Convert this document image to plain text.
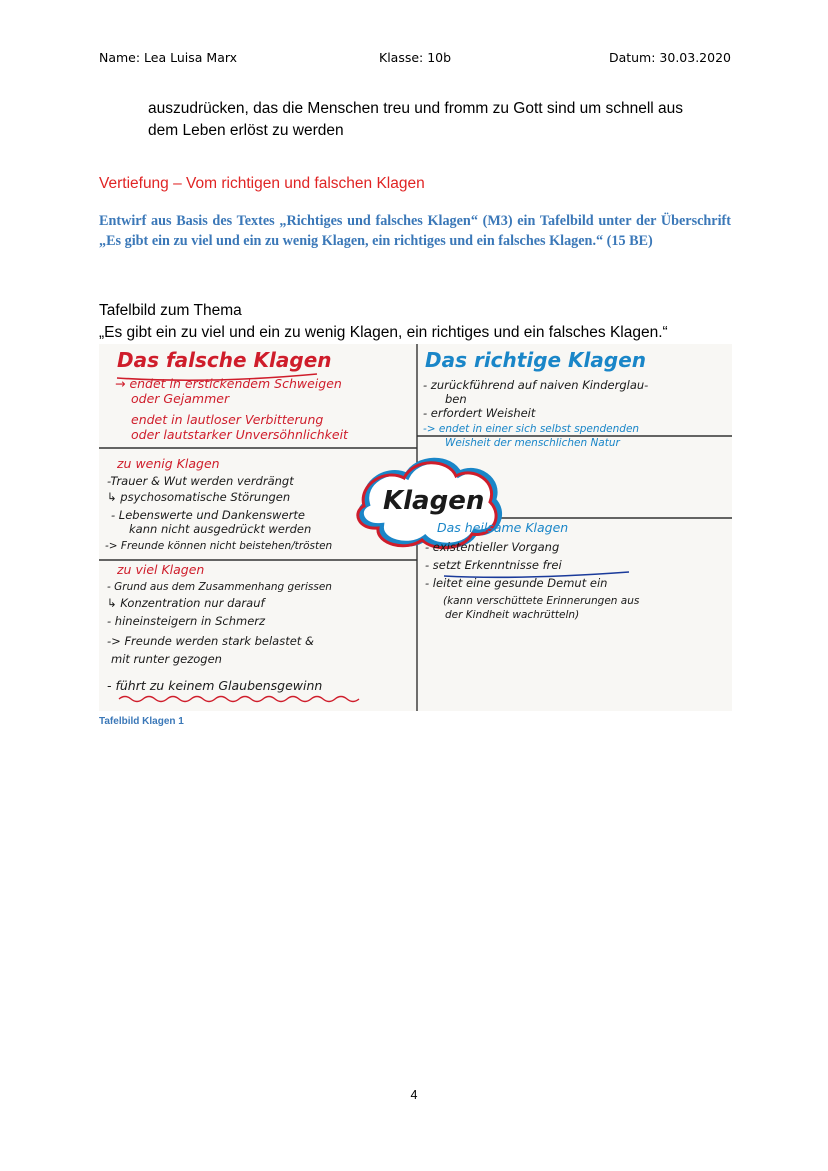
Name: Lea Luisa Marx	Klasse: 10b	Datum: 30.03.2020
auszudrücken, das die Menschen treu und fromm zu Gott sind um schnell aus
dem Leben erlöst zu werden
Vertiefung – Vom richtigen und falschen Klagen
Entwirf aus Basis des Textes „Richtiges und falsches Klagen“ (M3) ein Tafelbild unter der Überschrift „Es gibt ein zu viel und ein zu wenig Klagen, ein richtiges und ein falsches Klagen.“ (15 BE)
Tafelbild zum Thema
„Es gibt ein zu viel und ein zu wenig Klagen, ein richtiges und ein falsches Klagen.“
Das falsche Klagen
→ endet in erstickendem Schweigen
oder Gejammer
endet in lautloser Verbitterung
oder lautstarker Unversöhnlichkeit
Das richtige Klagen
- zurückführend auf naiven Kinderglau-
ben
- erfordert Weisheit
-> endet in einer sich selbst spendenden
Weisheit der menschlichen Natur
zu wenig Klagen
-Trauer & Wut werden verdrängt
↳ psychosomatische Störungen
- Lebenswerte und Dankenswerte
kann nicht ausgedrückt werden
-> Freunde können nicht beistehen/trösten
Klagen
Das heilsame Klagen
- existentieller Vorgang
- setzt Erkenntnisse frei
- leitet eine gesunde Demut ein
(kann verschüttete Erinnerungen aus
der Kindheit wachrütteln)
zu viel Klagen
- Grund aus dem Zusammenhang gerissen
↳ Konzentration nur darauf
- hineinsteigern in Schmerz
-> Freunde werden stark belastet &
mit runter gezogen
- führt zu keinem Glaubensgewinn
Tafelbild Klagen 1
4
